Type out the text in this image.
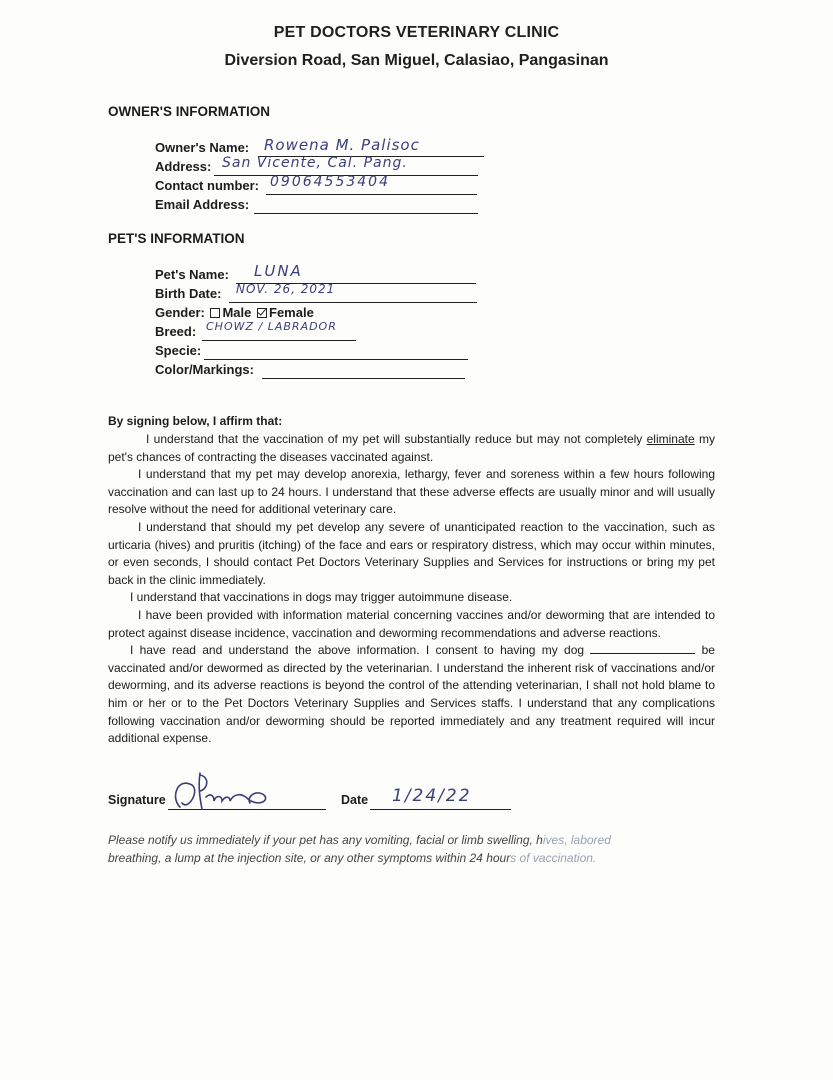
PET DOCTORS VETERINARY CLINIC
Diversion Road, San Miguel, Calasiao, Pangasinan
OWNER'S INFORMATION
Owner's Name: Rowena M. Palisoc
Address: San Vicente, Cal. Pang.
Contact number: 09064553404
Email Address:
PET'S INFORMATION
Pet's Name: LUNA
Birth Date: NOV. 26, 2021
Gender: Male Female
Breed: CHOWZ / LABRADOR
Specie:
Color/Markings:
By signing below, I affirm that:

I understand that the vaccination of my pet will substantially reduce but may not completely eliminate my pet's chances of contracting the diseases vaccinated against.

I understand that my pet may develop anorexia, lethargy, fever and soreness within a few hours following vaccination and can last up to 24 hours. I understand that these adverse effects are usually minor and will usually resolve without the need for additional veterinary care.

I understand that should my pet develop any severe of unanticipated reaction to the vaccination, such as urticaria (hives) and pruritis (itching) of the face and ears or respiratory distress, which may occur within minutes, or even seconds, I should contact Pet Doctors Veterinary Supplies and Services for instructions or bring my pet back in the clinic immediately.

I understand that vaccinations in dogs may trigger autoimmune disease.

I have been provided with information material concerning vaccines and/or deworming that are intended to protect against disease incidence, vaccination and deworming recommendations and adverse reactions.

I have read and understand the above information. I consent to having my dog	be vaccinated and/or dewormed as directed by the veterinarian. I understand the inherent risk of vaccinations and/or deworming, and its adverse reactions is beyond the control of the attending veterinarian, I shall not hold blame to him or her or to the Pet Doctors Veterinary Supplies and Services staffs. I understand that any complications following vaccination and/or deworming should be reported immediately and any treatment required will incur additional expense.

Signature	Date 1/24/22
Please notify us immediately if your pet has any vomiting, facial or limb swelling, hives, labored
breathing, a lump at the injection site, or any other symptoms within 24 hours of vaccination.
